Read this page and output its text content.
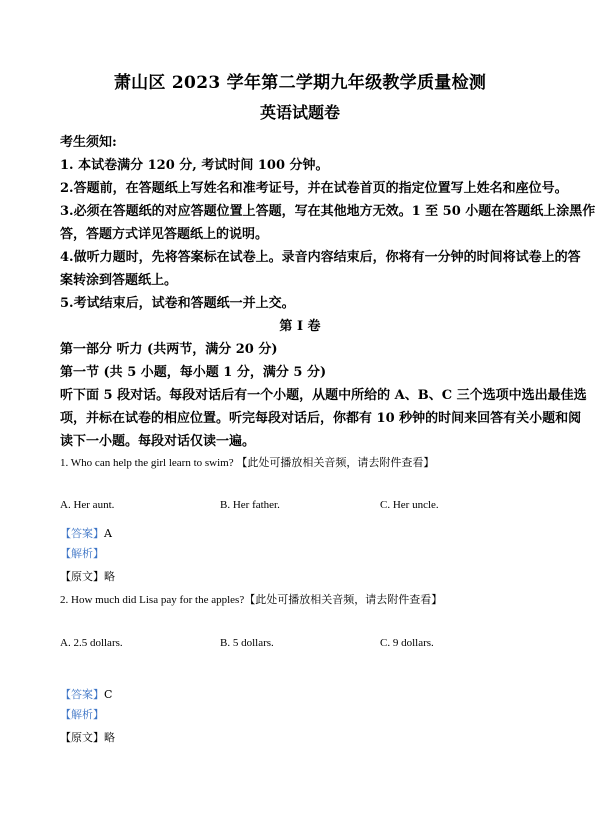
萧山区 2023 学年第二学期九年级教学质量检测
英语试题卷
考生须知:
1. 本试卷满分 120 分, 考试时间 100 分钟。
2.答题前，在答题纸上写姓名和准考证号，并在试卷首页的指定位置写上姓名和座位号。
3.必须在答题纸的对应答题位置上答题，写在其他地方无效。1 至 50 小题在答题纸上涂黑作
答，答题方式详见答题纸上的说明。
4.做听力题时，先将答案标在试卷上。录音内容结束后，你将有一分钟的时间将试卷上的答
案转涂到答题纸上。
5.考试结束后，试卷和答题纸一并上交。
第 I 卷
第一部分 听力 (共两节，满分 20 分)
第一节 (共 5 小题，每小题 1 分，满分 5 分)
听下面 5 段对话。每段对话后有一个小题，从题中所给的 A、B、C 三个选项中选出最佳选
项，并标在试卷的相应位置。听完每段对话后，你都有 10 秒钟的时间来回答有关小题和阅
读下一小题。每段对话仅读一遍。
1. Who can help the girl learn to swim? 【此处可播放相关音频，请去附件查看】
A. Her aunt.	B. Her father.	C. Her uncle.
【答案】A
【解析】
【原文】略
2. How much did Lisa pay for the apples?【此处可播放相关音频，请去附件查看】
A. 2.5 dollars.	B. 5 dollars.	C. 9 dollars.
【答案】C
【解析】
【原文】略
